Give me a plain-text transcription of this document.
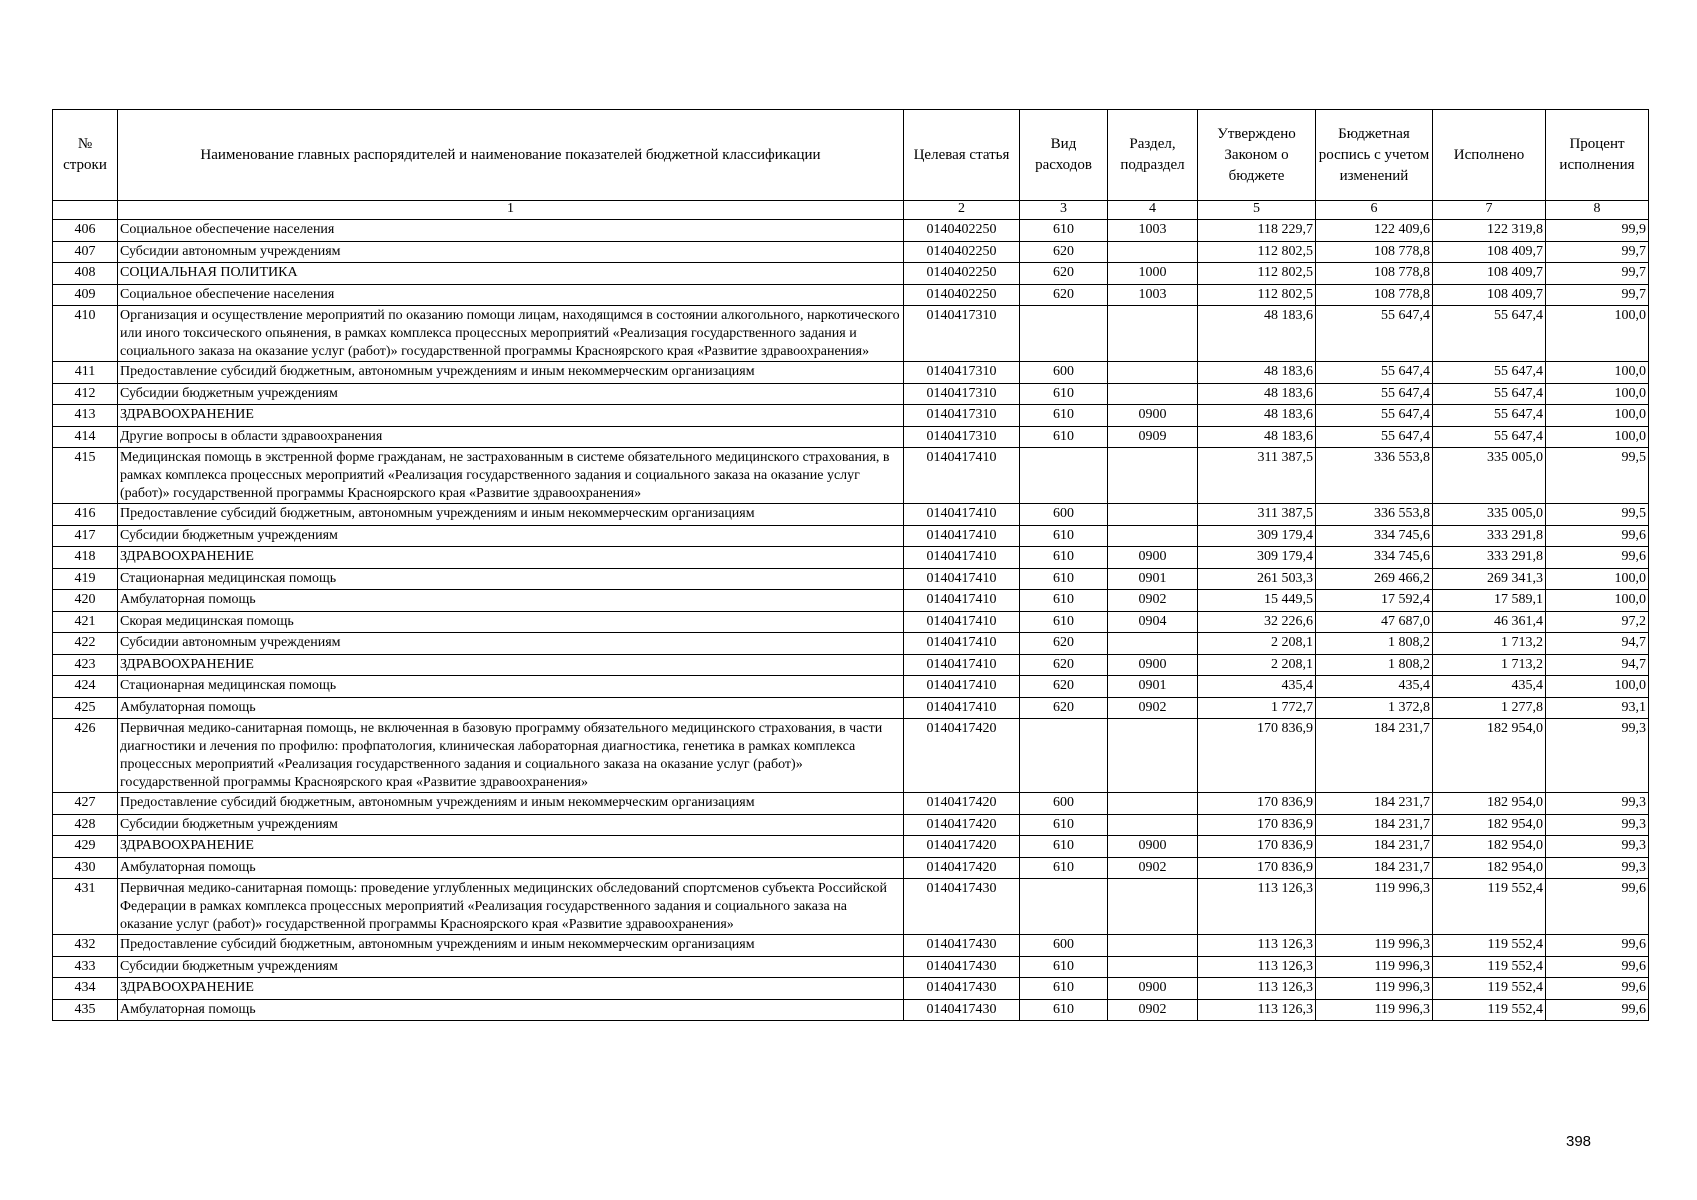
№ строки	Наименование главных распорядителей и наименование показателей бюджетной классификации	Целевая статья	Вид расходов	Раздел, подраздел	Утверждено Законом о бюджете	Бюджетная роспись с учетом изменений	Исполнено	Процент исполнения
	1	2	3	4	5	6	7	8
406	Социальное обеспечение населения	0140402250	610	1003	118 229,7	122 409,6	122 319,8	99,9
407	Субсидии автономным учреждениям	0140402250	620		112 802,5	108 778,8	108 409,7	99,7
408	СОЦИАЛЬНАЯ ПОЛИТИКА	0140402250	620	1000	112 802,5	108 778,8	108 409,7	99,7
409	Социальное обеспечение населения	0140402250	620	1003	112 802,5	108 778,8	108 409,7	99,7
410	Организация и осуществление мероприятий по оказанию помощи лицам, находящимся в состоянии алкогольного, наркотического или иного токсического опьянения, в рамках комплекса процессных мероприятий «Реализация государственного задания и социального заказа на оказание услуг (работ)» государственной программы Красноярского края «Развитие здравоохранения»	0140417310			48 183,6	55 647,4	55 647,4	100,0
411	Предоставление субсидий бюджетным, автономным учреждениям и иным некоммерческим организациям	0140417310	600		48 183,6	55 647,4	55 647,4	100,0
412	Субсидии бюджетным учреждениям	0140417310	610		48 183,6	55 647,4	55 647,4	100,0
413	ЗДРАВООХРАНЕНИЕ	0140417310	610	0900	48 183,6	55 647,4	55 647,4	100,0
414	Другие вопросы в области здравоохранения	0140417310	610	0909	48 183,6	55 647,4	55 647,4	100,0
415	Медицинская помощь в экстренной форме гражданам, не застрахованным в системе обязательного медицинского страхования, в рамках комплекса процессных мероприятий «Реализация государственного задания и социального заказа на оказание услуг (работ)» государственной программы Красноярского края «Развитие здравоохранения»	0140417410			311 387,5	336 553,8	335 005,0	99,5
416	Предоставление субсидий бюджетным, автономным учреждениям и иным некоммерческим организациям	0140417410	600		311 387,5	336 553,8	335 005,0	99,5
417	Субсидии бюджетным учреждениям	0140417410	610		309 179,4	334 745,6	333 291,8	99,6
418	ЗДРАВООХРАНЕНИЕ	0140417410	610	0900	309 179,4	334 745,6	333 291,8	99,6
419	Стационарная медицинская помощь	0140417410	610	0901	261 503,3	269 466,2	269 341,3	100,0
420	Амбулаторная помощь	0140417410	610	0902	15 449,5	17 592,4	17 589,1	100,0
421	Скорая медицинская помощь	0140417410	610	0904	32 226,6	47 687,0	46 361,4	97,2
422	Субсидии автономным учреждениям	0140417410	620		2 208,1	1 808,2	1 713,2	94,7
423	ЗДРАВООХРАНЕНИЕ	0140417410	620	0900	2 208,1	1 808,2	1 713,2	94,7
424	Стационарная медицинская помощь	0140417410	620	0901	435,4	435,4	435,4	100,0
425	Амбулаторная помощь	0140417410	620	0902	1 772,7	1 372,8	1 277,8	93,1
426	Первичная медико-санитарная помощь, не включенная в базовую программу обязательного медицинского страхования, в части диагностики и лечения по профилю: профпатология, клиническая лабораторная диагностика, генетика в рамках комплекса процессных мероприятий «Реализация государственного задания и социального заказа на оказание услуг (работ)» государственной программы Красноярского края «Развитие здравоохранения»	0140417420			170 836,9	184 231,7	182 954,0	99,3
427	Предоставление субсидий бюджетным, автономным учреждениям и иным некоммерческим организациям	0140417420	600		170 836,9	184 231,7	182 954,0	99,3
428	Субсидии бюджетным учреждениям	0140417420	610		170 836,9	184 231,7	182 954,0	99,3
429	ЗДРАВООХРАНЕНИЕ	0140417420	610	0900	170 836,9	184 231,7	182 954,0	99,3
430	Амбулаторная помощь	0140417420	610	0902	170 836,9	184 231,7	182 954,0	99,3
431	Первичная медико-санитарная помощь: проведение углубленных медицинских обследований спортсменов субъекта Российской Федерации в рамках комплекса процессных мероприятий «Реализация государственного задания и социального заказа на оказание услуг (работ)» государственной программы Красноярского края «Развитие здравоохранения»	0140417430			113 126,3	119 996,3	119 552,4	99,6
432	Предоставление субсидий бюджетным, автономным учреждениям и иным некоммерческим организациям	0140417430	600		113 126,3	119 996,3	119 552,4	99,6
433	Субсидии бюджетным учреждениям	0140417430	610		113 126,3	119 996,3	119 552,4	99,6
434	ЗДРАВООХРАНЕНИЕ	0140417430	610	0900	113 126,3	119 996,3	119 552,4	99,6
435	Амбулаторная помощь	0140417430	610	0902	113 126,3	119 996,3	119 552,4	99,6
398
